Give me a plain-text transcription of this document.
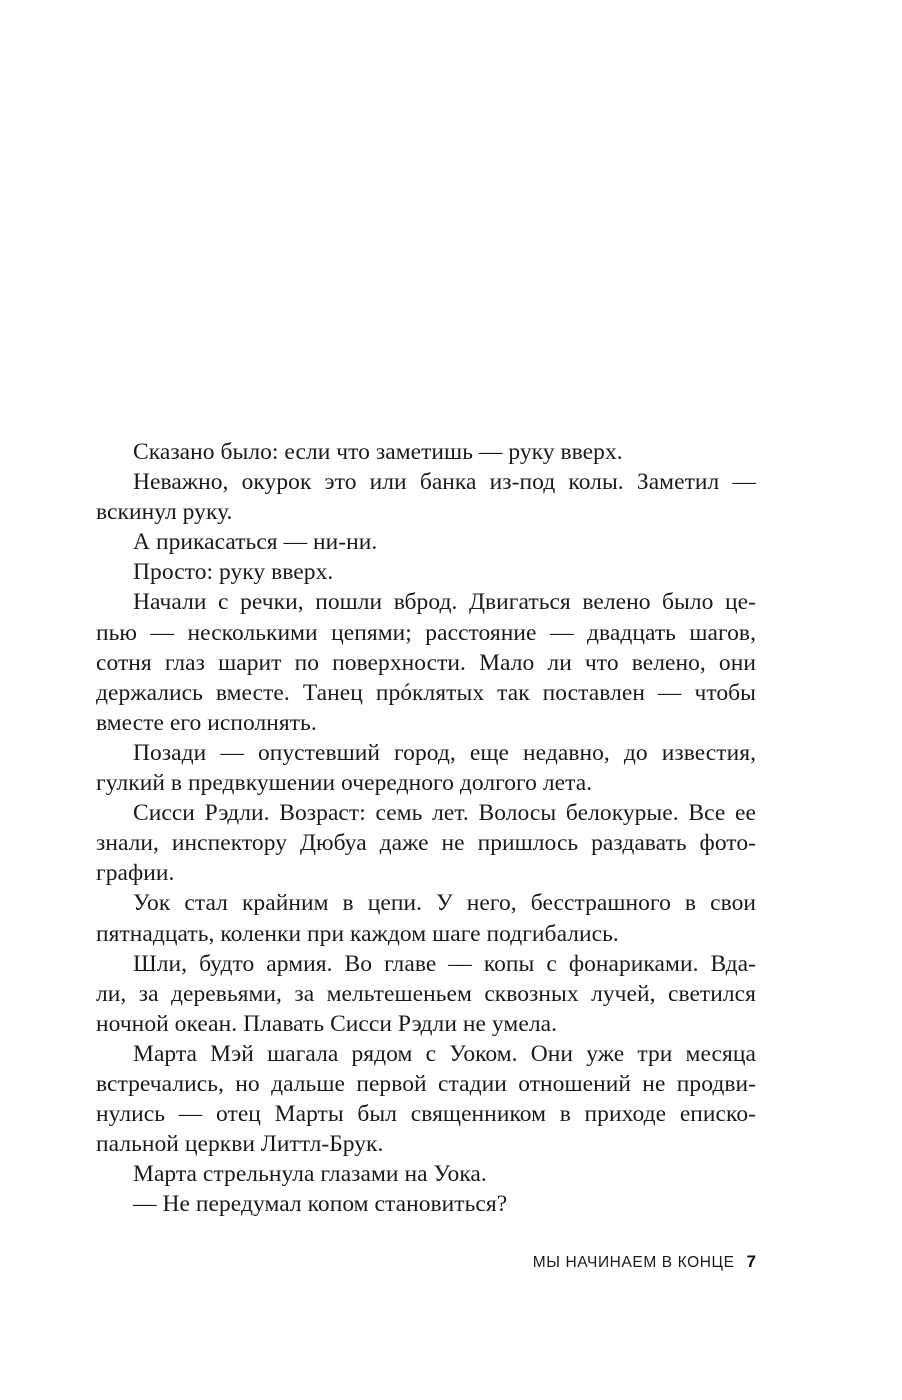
Сказано было: если что заметишь — руку вверх.
Неважно, окурок это или банка из-под колы. Заметил —
вскинул руку.
А прикасаться — ни-ни.
Просто: руку вверх.
Начали с речки, пошли вброд. Двигаться велено было це-
пью — несколькими цепями; расстояние — двадцать шагов,
сотня глаз шарит по поверхности. Мало ли что велено, они
держались вместе. Танец прóклятых так поставлен — чтобы
вместе его исполнять.
Позади — опустевший город, еще недавно, до известия,
гулкий в предвкушении очередного долгого лета.
Сисси Рэдли. Возраст: семь лет. Волосы белокурые. Все ее
знали, инспектору Дюбуа даже не пришлось раздавать фото-
графии.
Уок стал крайним в цепи. У него, бесстрашного в свои
пятнадцать, коленки при каждом шаге подгибались.
Шли, будто армия. Во главе — копы с фонариками. Вда-
ли, за деревьями, за мельтешеньем сквозных лучей, светился
ночной океан. Плавать Сисси Рэдли не умела.
Марта Мэй шагала рядом с Уоком. Они уже три месяца
встречались, но дальше первой стадии отношений не продви-
нулись — отец Марты был священником в приходе еписко-
пальной церкви Литтл-Брук.
Марта стрельнула глазами на Уока.
— Не передумал копом становиться?
МЫ НАЧИНАЕМ В КОНЦЕ 7
